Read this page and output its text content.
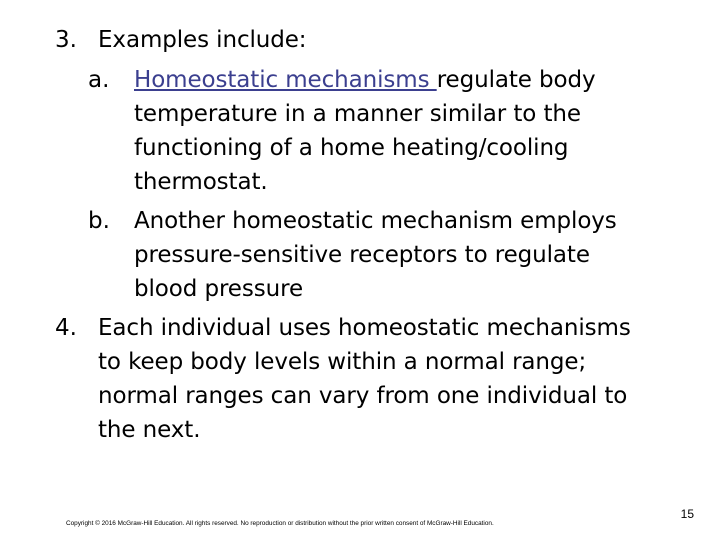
3. Examples include:
a. Homeostatic mechanisms regulate body
temperature in a manner similar to the
functioning of a home heating/cooling
thermostat.
b. Another homeostatic mechanism employs
pressure-sensitive receptors to regulate
blood pressure
4. Each individual uses homeostatic mechanisms
to keep body levels within a normal range;
normal ranges can vary from one individual to
the next.
15
Copyright © 2016 McGraw-Hill Education. All rights reserved. No reproduction or distribution without the prior written consent of McGraw-Hill Education.
